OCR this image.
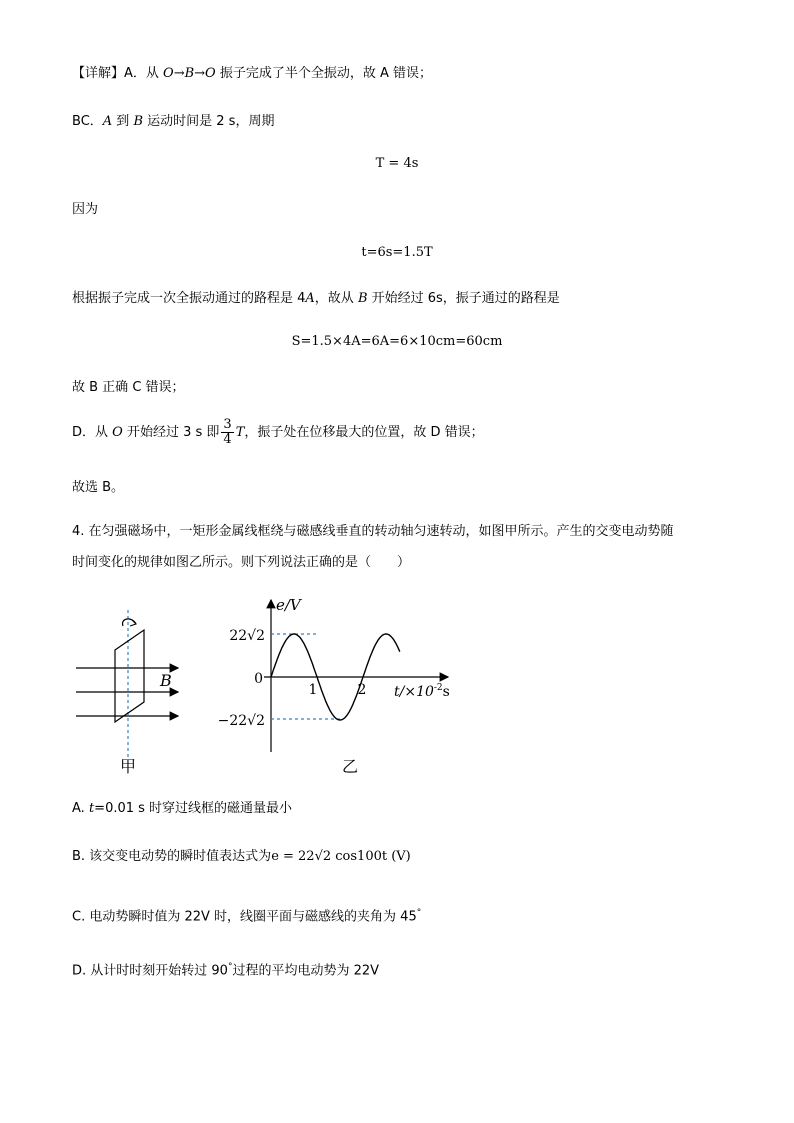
【详解】A．从 O→B→O 振子完成了半个全振动，故 A 错误；
BC．A 到 B 运动时间是 2 s，周期
T = 4s
因为
t=6s=1.5T
根据振子完成一次全振动通过的路程是 4A，故从 B 开始经过 6s，振子通过的路程是
S=1.5×4A=6A=6×10cm=60cm
故 B 正确 C 错误；
D．从 O 开始经过 3 s 即 $\frac{3}{4}$ T，振子处在位移最大的位置，故 D 错误；
故选 B。
4. 在匀强磁场中，一矩形金属线框绕与磁感线垂直的转动轴匀速转动，如图甲所示。产生的交变电动势随
时间变化的规律如图乙所示。则下列说法正确的是（　　）
B
甲
e/V
$t/\times 10^{-2}s$
22√2
−22√2
0
1	2
乙
A. t=0.01 s 时穿过线框的磁通量最小
B. 该交变电动势的瞬时值表达式为e = 22√2 cos100t (V)
C. 电动势瞬时值为 22V 时，线圈平面与磁感线的夹角为 45°
D. 从计时时刻开始转过 90°过程的平均电动势为 22V
